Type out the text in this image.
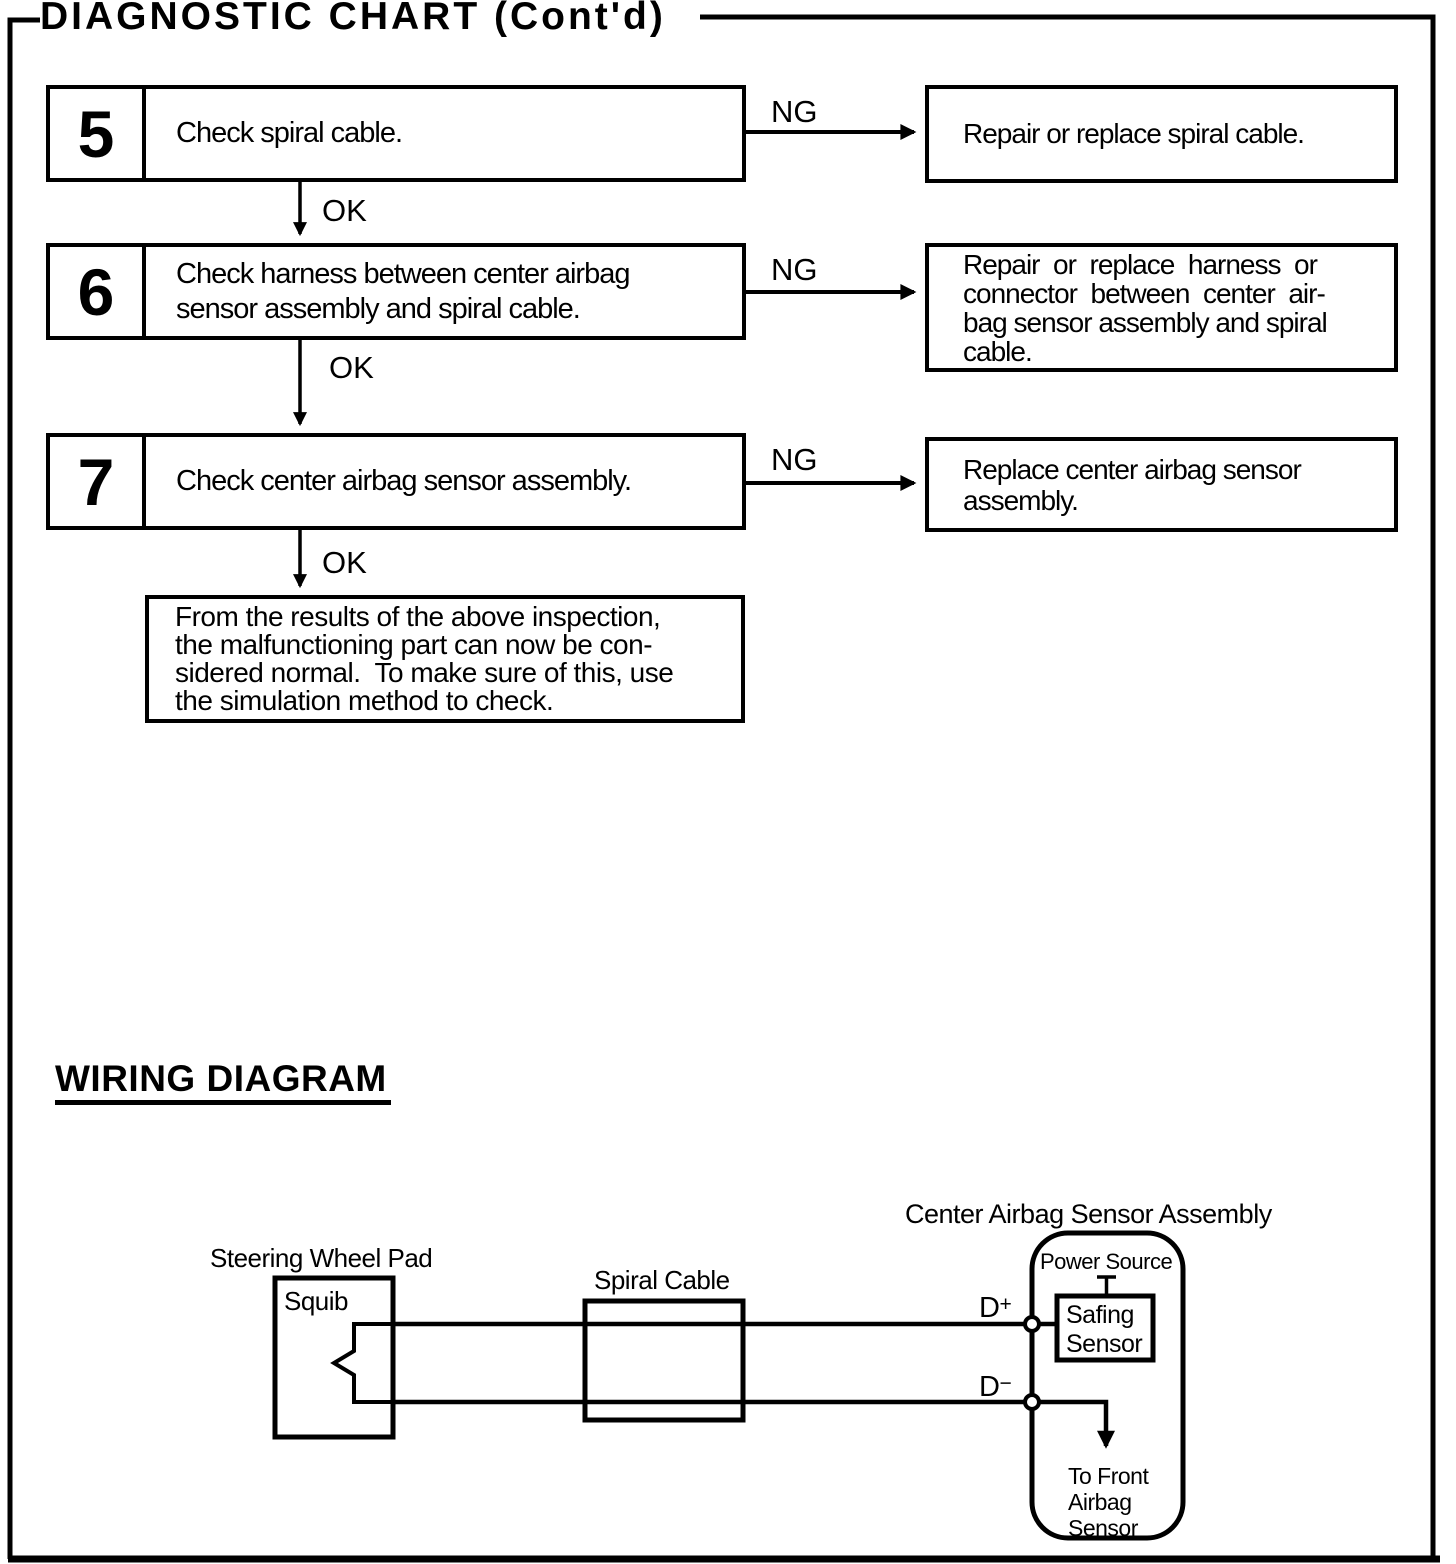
DIAGNOSTIC CHART (Cont'd)
WIRING DIAGRAM
5	Check spiral cable.
NG
Repair or replace spiral cable.
OK
6	Check harness between center airbag
sensor assembly and spiral cable.
NG	Repair  or  replace  harness  or
connector  between  center  air-
bag sensor assembly and spiral
cable.
OK
7	Check center airbag sensor assembly.
NG	Replace center airbag sensor
assembly.
OK
From the results of the above inspection,
the malfunctioning part can now be con-
sidered normal.  To make sure of this, use
the simulation method to check.
Center Airbag Sensor Assembly
Steering Wheel Pad
Squib
Spiral Cable
Power Source
Safing
Sensor
D+
D−
To Front
Airbag
Sensor
